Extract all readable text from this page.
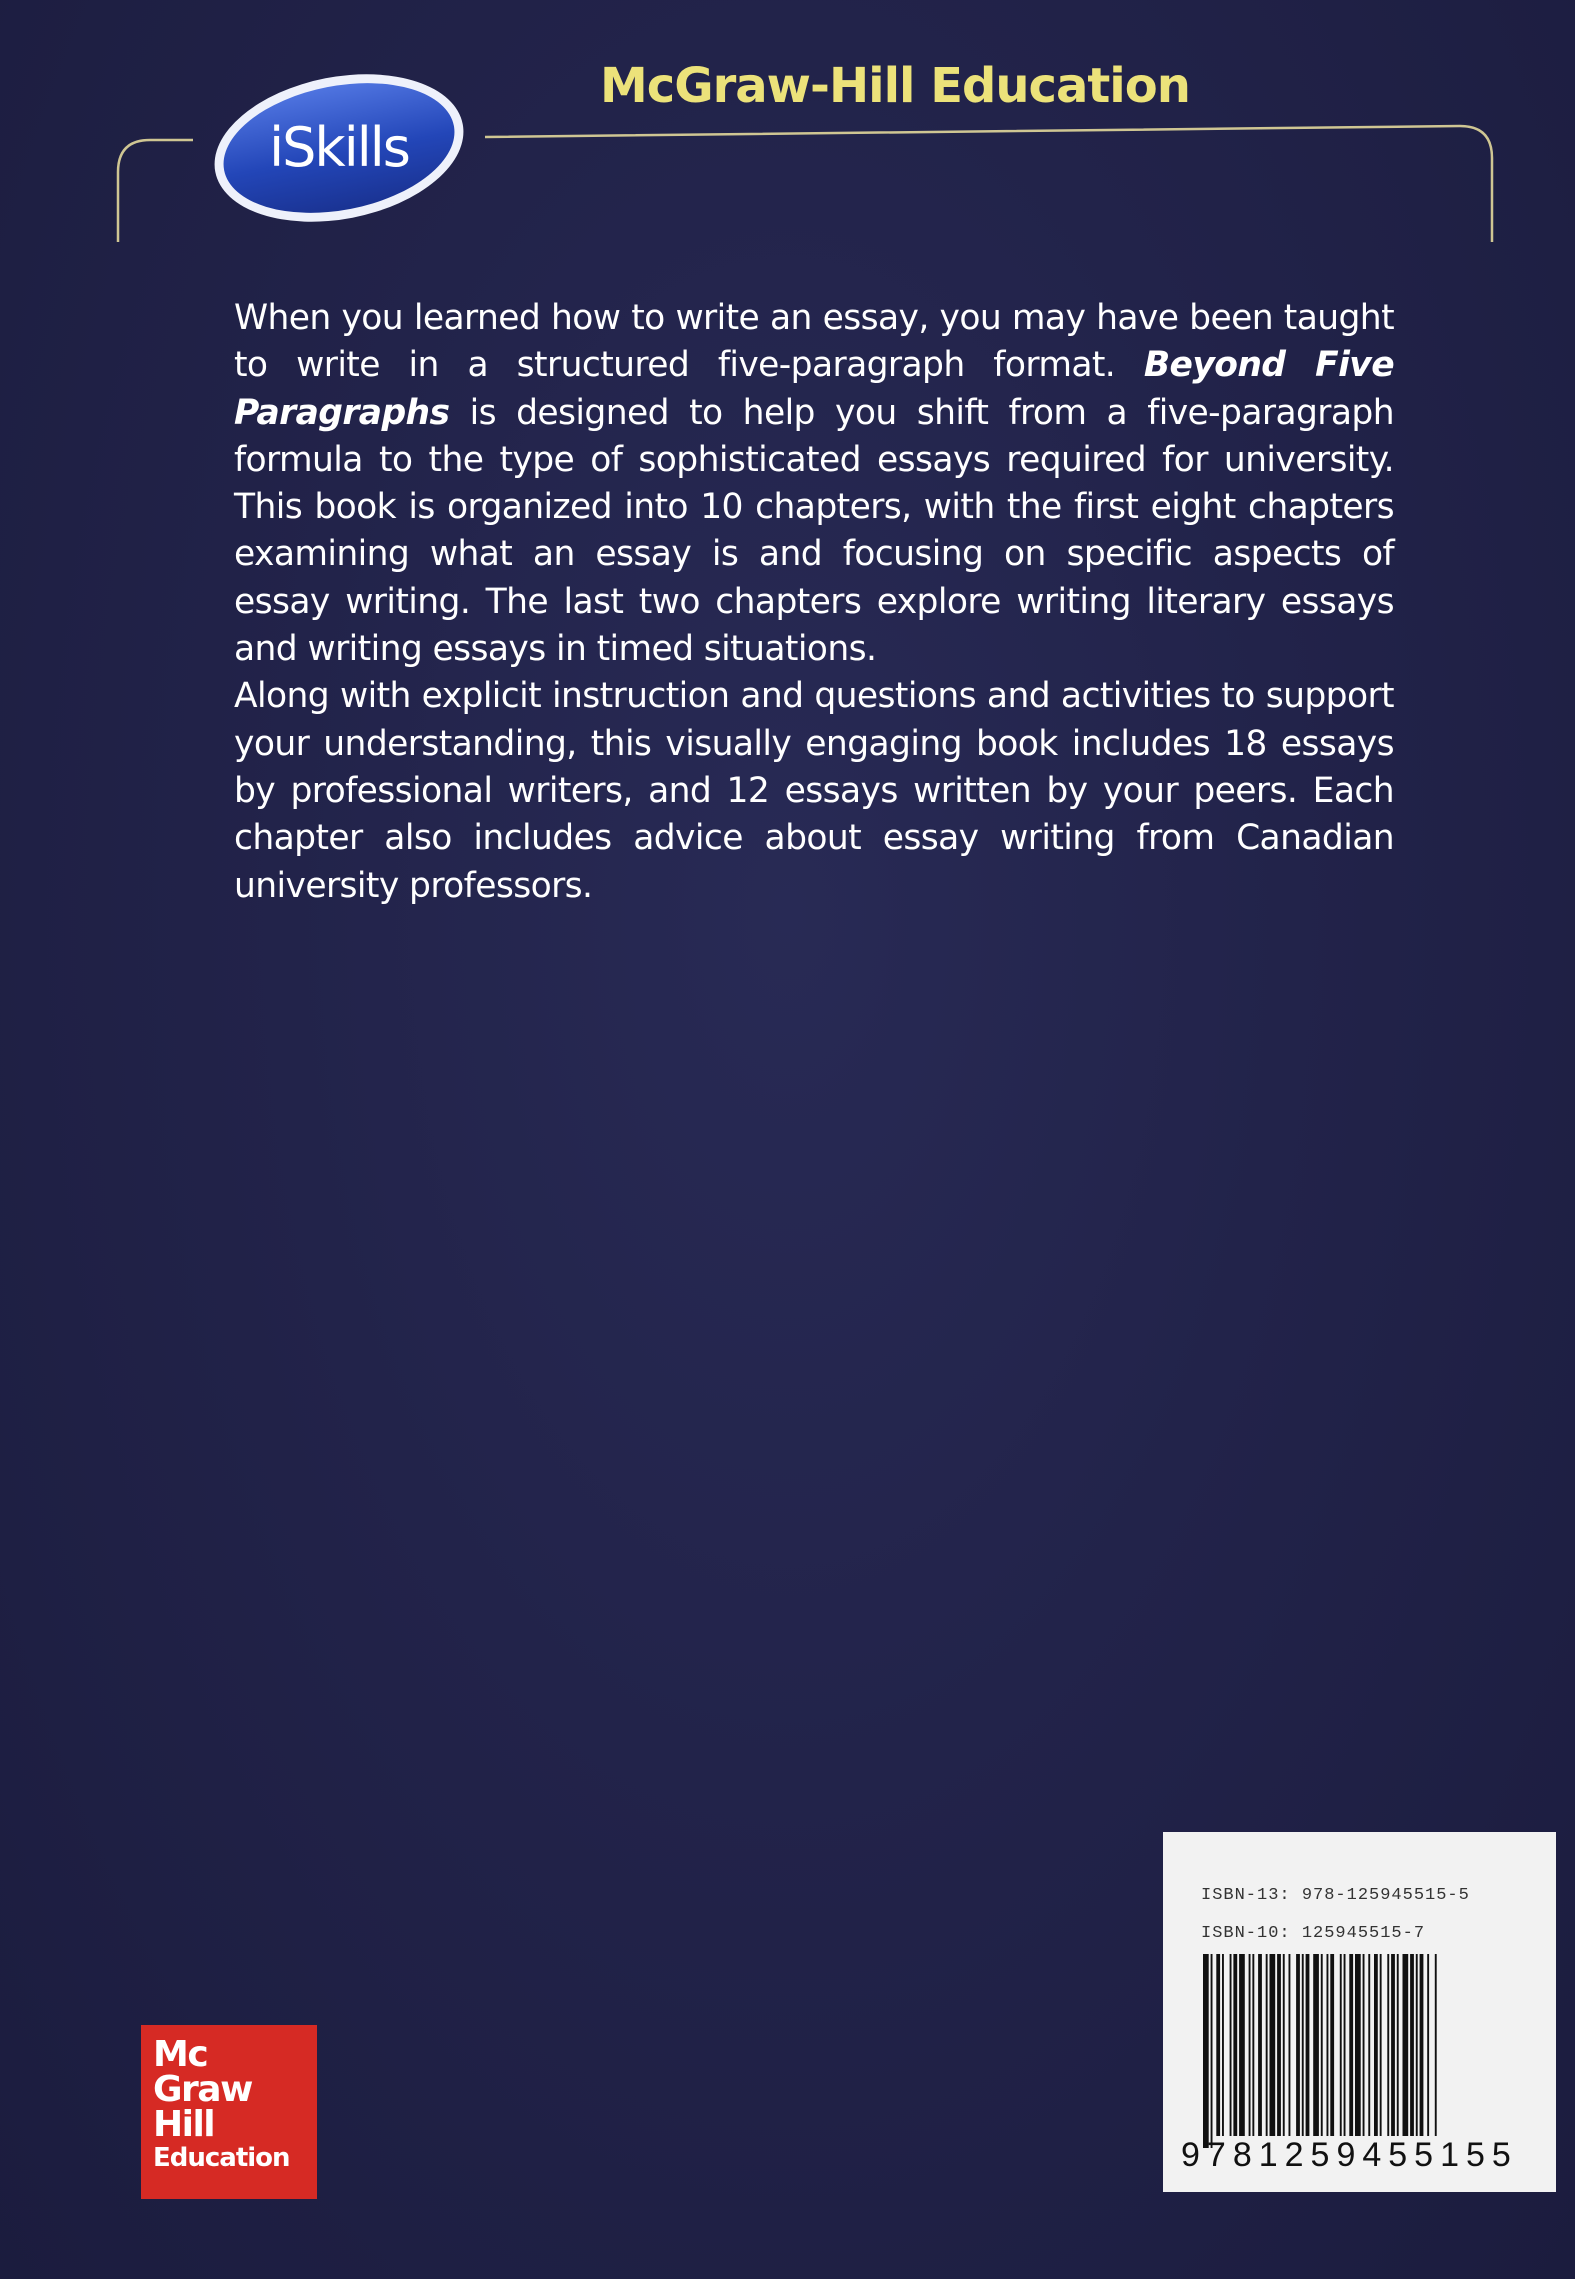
iSkills
McGraw-Hill Education

When you learned how to write an essay, you may have been taught to write in a structured five-paragraph format. Beyond Five Paragraphs is designed to help you shift from a five-paragraph formula to the type of sophisticated essays required for university. This book is organized into 10 chapters, with the first eight chapters examining what an essay is and focusing on specific aspects of essay writing. The last two chapters explore writing literary essays and writing essays in timed situations.

Along with explicit instruction and questions and activities to support your understanding, this visually engaging book includes 18 essays by professional writers, and 12 essays written by your peers. Each chapter also includes advice about essay writing from Canadian university professors.

Mc
Graw
Hill
Education
ISBN-13: 978-125945515-5
ISBN-10: 125945515-7
9781259455155
